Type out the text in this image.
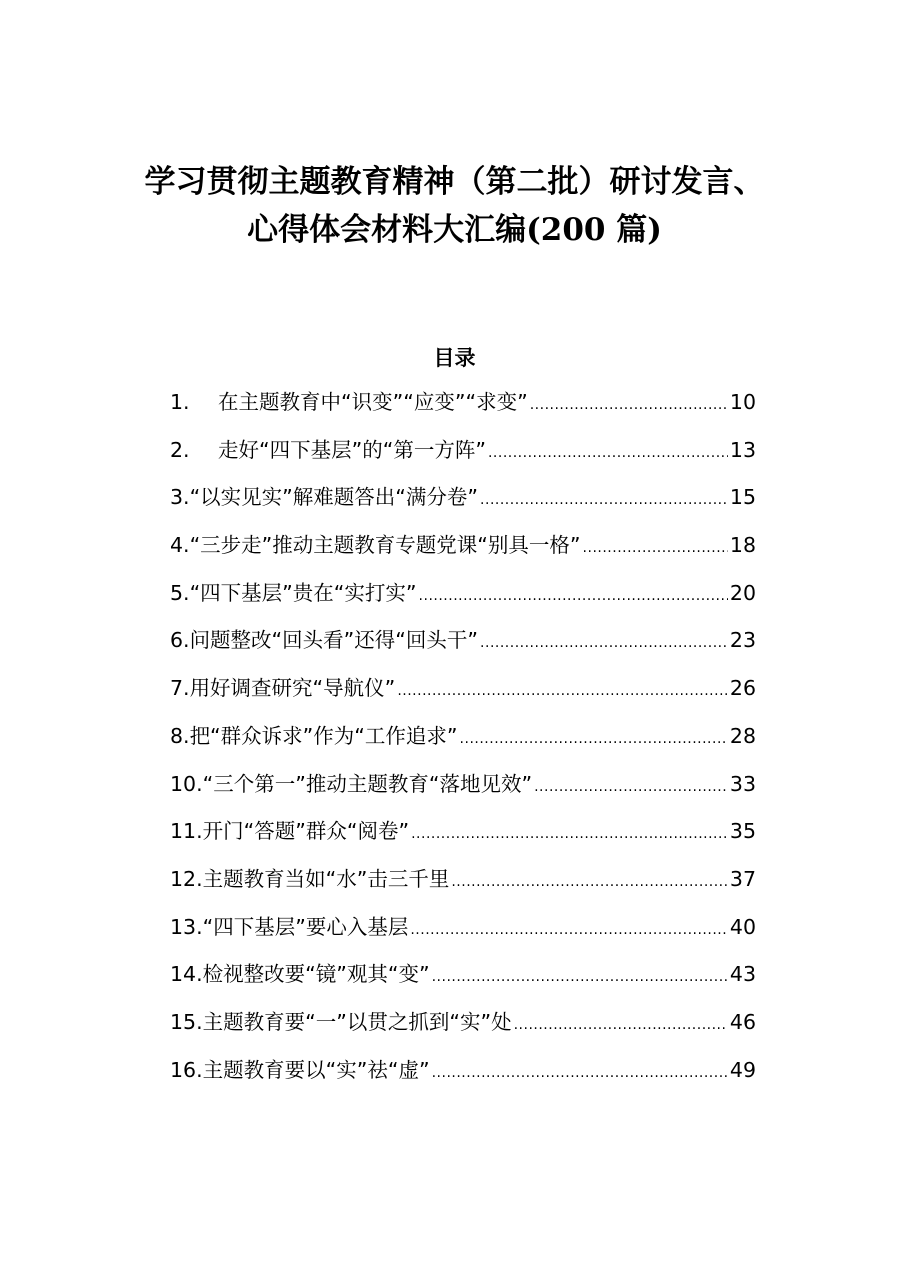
学习贯彻主题教育精神（第二批）研讨发言、
心得体会材料大汇编(200 篇)
目录
1.	在主题教育中“识变”“应变”“求变” .....	10
2.	走好“四下基层”的“第一方阵” .....	13
3. “以实见实”解难题答出“满分卷” .....	15
4. “三步走”推动主题教育专题党课“别具一格” .....	18
5. “四下基层”贵在“实打实” .....	20
6. 问题整改“回头看”还得“回头干” .....	23
7. 用好调查研究“导航仪” .....	26
8. 把“群众诉求”作为“工作追求” .....	28
10. “三个第一”推动主题教育“落地见效” .....	33
11. 开门“答题”群众“阅卷” .....	35
12. 主题教育当如“水”击三千里 .....	37
13. “四下基层”要心入基层 .....	40
14. 检视整改要“镜”观其“变” .....	43
15. 主题教育要“一”以贯之抓到“实”处 .....	46
16. 主题教育要以“实”祛“虚” .....	49
